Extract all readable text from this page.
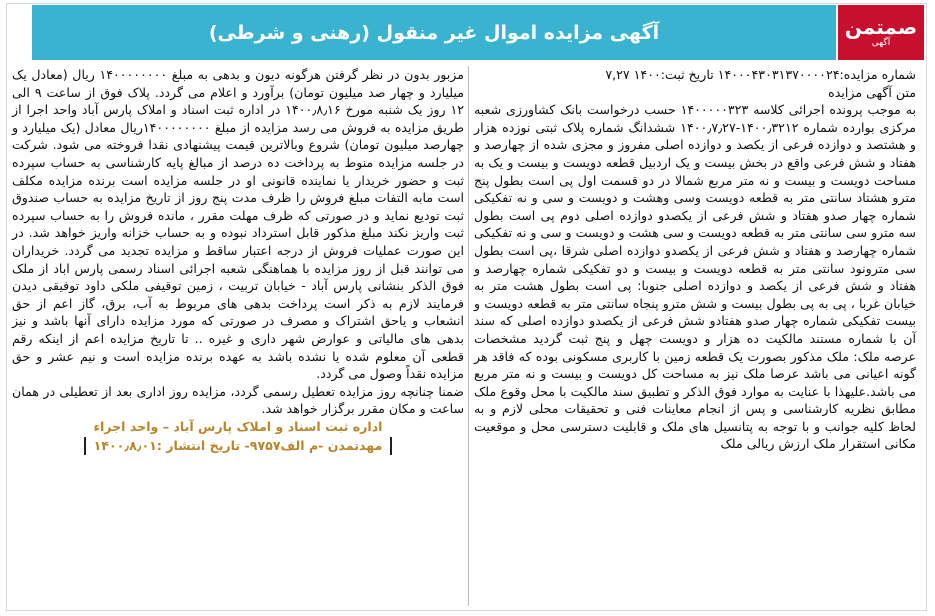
آگهی مزایده اموال غیر منقول (رهنی و شرطی)	صمتمن
آگهی

شماره مزایده:۱۴۰۰۰۴۳۰۳۱۳۷۰۰۰۰۲۴ تاریخ ثبت:۱۴۰۰ ۷,۲۷

متن آگهی مزایده

به موجب پرونده اجرائی کلاسه ۱۴۰۰۰۰۰۳۲۳ حسب درخواست بانک کشاورزی شعبه مرکزی بوارده شماره ۱۴۰۰٫۳۲۱۲-۱۴۰۰٫۷٫۲۷ ششدانگ شماره پلاک ثبتی نوزده هزار و هشتصد و دوازده فرعی از یکصد و دوازده اصلی مفروز و مجزی شده از چهارصد و هفتاد و شش فرعی واقع در بخش بیست و یک اردبیل قطعه دویست و بیست و یک به مساحت دویست و بیست و نه متر مربع شمالا در دو قسمت اول پی است بطول پنج مترو هشتاد سانتی متر به قطعه دویست وسی وهشت و دویست و سی و نه تفکیکی شماره چهار صدو هفتاد و شش فرعی از یکصدو دوازده اصلی دوم پی است بطول سه مترو سی سانتی متر به قطعه دویست و سی هشت و دویست و سی و نه تفکیکی شماره چهارصد و هفتاد و شش فرعی از یکصدو دوازده اصلی شرقا ،پی است بطول سی مترونود سانتی متر به قطعه دویست و بیست و دو تفکیکی شماره چهارصد و هفتاد و شش فرعی از یکصد و دوازده اصلی جنوبا: پی است بطول هشت متر به خیابان غربا ، پی به پی بطول بیست و شش مترو پنجاه سانتی متر به قطعه دویست و بیست تفکیکی شماره چهار صدو هفتادو شش فرعی از یکصدو دوازده اصلی که سند آن با شماره مستند مالکیت ده هزار و دویست چهل و پنج ثبت گردید مشخصات عرصه ملک: ملک مذکور بصورت یک قطعه زمین با کاربری مسکونی بوده که فاقد هر گونه اعیانی می باشد عرصا ملک نیز به مساحت کل دویست و بیست و نه متر مربع می باشد.علیهذا با عنایت به موارد فوق الذکر و تطبیق سند مالکیت با محل وقوع ملک مطابق نظریه کارشناسی و پس از انجام معاینات فنی و تحقیقات محلی لازم و به لحاظ کلیه جوانب و با توجه به پتانسیل های ملک و قابلیت دسترسی محل و موقعیت مکانی استقرار ملک ارزش ریالی ملک

مزبور بدون در نظر گرفتن هرگونه دیون و بدهی به مبلغ ۱۴۰۰۰۰۰۰۰۰ ریال (معادل یک میلیارد و چهار صد میلیون تومان) برآورد و اعلام می گردد. پلاک فوق از ساعت ۹ الی ۱۲ روز یک شنبه مورخ ۱۴۰۰٫۸٫۱۶ در اداره ثبت اسناد و املاک پارس آباد واحد اجرا از طریق مزایده به فروش می رسد مزایده از مبلغ ۱۴۰۰۰۰۰۰۰۰ریال معادل (یک میلیارد و چهارصد میلیون تومان) شروع وبالاترین قیمت پیشنهادی نقدا فروخته می شود. شرکت در جلسه مزایده منوط به پرداخت ده درصد از مبالغ پایه کارشناسی به حساب سپرده ثبت و حضور خریدار یا نماینده قانونی او در جلسه مزایده است برنده مزایده مکلف است مابه التفات مبلغ فروش را ظرف مدت پنج روز از تاریخ مزایده به حساب صندوق ثبت تودیع نماید و در صورتی که ظرف مهلت مقرر ، مانده فروش را به حساب سپرده ثبت واریز نکند مبلغ مذکور قابل استرداد نبوده و به حساب خزانه واریز خواهد شد. در این صورت عملیات فروش از درجه اعتبار ساقط و مزایده تجدید می گردد. خریداران می توانند قبل از روز مزایده با هماهنگی شعبه اجرائی اسناد رسمی پارس اباد از ملک فوق الذکر بنشانی پارس آباد - خیابان تربیت ، زمین توقیفی ملکی داود توفیقی دیدن فرمایند لازم به ذکر است پرداخت بدهی های مربوط به آب، برق، گاز اعم از حق انشعاب و یاحق اشتراک و مصرف در صورتی که مورد مزایده دارای آنها باشد و نیز بدهی های مالیاتی و عوارض شهر داری و غیره .. تا تاریخ مزایده اعم از اینکه رقم قطعی آن معلوم شده یا نشده باشد به عهده برنده مزایده است و نیم عشر و حق مزایده نقداً وصول می گردد.

ضمنا چنانچه روز مزایده تعطیل رسمی گردد، مزایده روز اداری بعد از تعطیلی در همان ساعت و مکان مقرر برگزار خواهد شد.

اداره ثبت اسناد و املاک پارس آباد – واحد اجراء

مهدتمدن -م الف۹۷۵۷- تاریخ انتشار :۱۴۰۰٫۸٫۰۱
